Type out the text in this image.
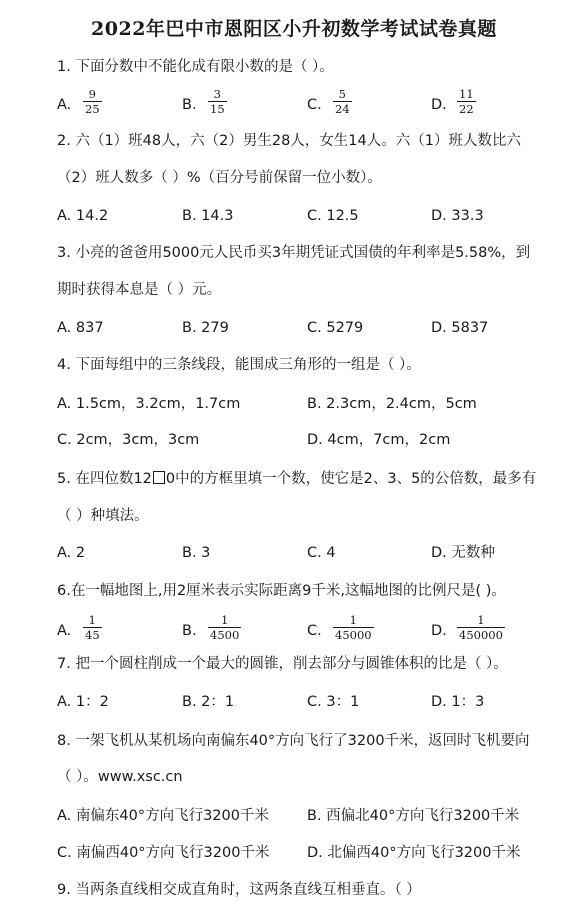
2022年巴中市恩阳区小升初数学考试试卷真题
1. 下面分数中不能化成有限小数的是（ ）。
A. $\frac{9}{25}$	B. $\frac{3}{15}$	C. $\frac{5}{24}$	D. $\frac{11}{22}$
2. 六（1）班48人，六（2）男生28人，女生14人。六（1）班人数比六
（2）班人数多（ ）%（百分号前保留一位小数）。
A. 14.2	B. 14.3	C. 12.5	D. 33.3
3. 小亮的爸爸用5000元人民币买3年期凭证式国债的年利率是5.58%，到
期时获得本息是（ ）元。
A. 837	B. 279	C. 5279	D. 5837
4. 下面每组中的三条线段，能围成三角形的一组是（ ）。
A. 1.5cm，3.2cm，1.7cm	B. 2.3cm，2.4cm，5cm
C. 2cm，3cm，3cm	D. 4cm，7cm，2cm
5. 在四位数12 0中的方框里填一个数，使它是2、3、5的公倍数，最多有
（ ）种填法。
A. 2	B. 3	C. 4	D. 无数种
6.在一幅地图上,用2厘米表示实际距离9千米,这幅地图的比例尺是( )。
A. $\frac{1}{45}$	B. $\frac{1}{4500}$	C. $\frac{1}{45000}$	D. $\frac{1}{450000}$
7. 把一个圆柱削成一个最大的圆锥，削去部分与圆锥体积的比是（ ）。
A. 1：2	B. 2：1	C. 3：1	D. 1：3
8. 一架飞机从某机场向南偏东40°方向飞行了3200千米，返回时飞机要向
（ ）。www.xsc.cn
A. 南偏东40°方向飞行3200千米	B. 西偏北40°方向飞行3200千米
C. 南偏西40°方向飞行3200千米	D. 北偏西40°方向飞行3200千米
9. 当两条直线相交成直角时，这两条直线互相垂直。（ ）
